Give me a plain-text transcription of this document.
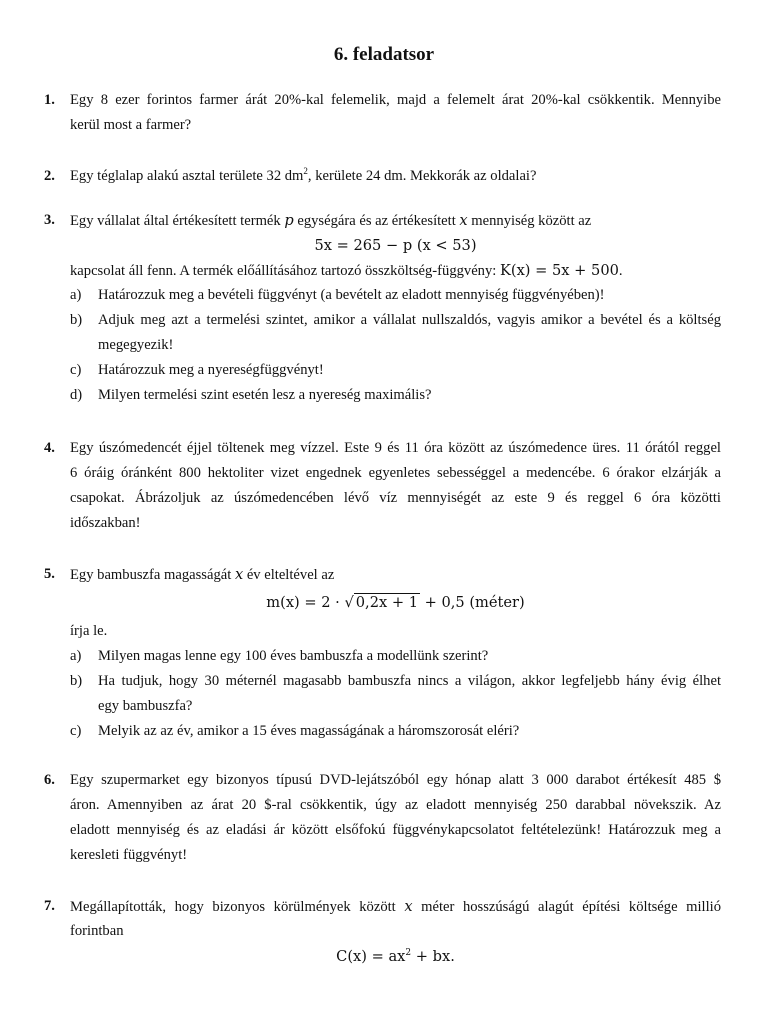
6. feladatsor
1.	Egy 8 ezer forintos farmer árát 20%-kal felemelik, majd a felemelt árat 20%-kal csökkentik. Mennyibe
kerül most a farmer?
2.	Egy téglalap alakú asztal területe 32 $dm^2$, kerülete 24 dm. Mekkorák az oldalai?
3.	Egy vállalat által értékesített termék p egységára és az értékesített x mennyiség között az
5x = 265 − p (x < 53)
kapcsolat áll fenn. A termék előállításához tartozó összköltség-függvény: K(x) = 5x + 500.
a) Határozzuk meg a bevételi függvényt (a bevételt az eladott mennyiség függvényében)!
b) Adjuk meg azt a termelési szintet, amikor a vállalat nullszaldós, vagyis amikor a bevétel és a költség
megegyezik!
c) Határozzuk meg a nyereségfüggvényt!
d) Milyen termelési szint esetén lesz a nyereség maximális?
4.	Egy úszómedencét éjjel töltenek meg vízzel. Este 9 és 11 óra között az úszómedence üres. 11 órától reggel
6 óráig óránként 800 hektoliter vizet engednek egyenletes sebességgel a medencébe. 6 órakor elzárják a
csapokat. Ábrázoljuk az úszómedencében lévő víz mennyiségét az este 9 és reggel 6 óra közötti
időszakban!
5.	Egy bambuszfa magasságát x év elteltével az
m(x) = 2 · √ 0,2x + 1 + 0,5 (méter)
írja le.
a) Milyen magas lenne egy 100 éves bambuszfa a modellünk szerint?
b) Ha tudjuk, hogy 30 méternél magasabb bambuszfa nincs a világon, akkor legfeljebb hány évig élhet
egy bambuszfa?
c) Melyik az az év, amikor a 15 éves magasságának a háromszorosát eléri?
6.	Egy szupermarket egy bizonyos típusú DVD-lejátszóból egy hónap alatt 3 000 darabot értékesít 485 $
áron. Amennyiben az árat 20 $-ral csökkentik, úgy az eladott mennyiség 250 darabbal növekszik. Az
eladott mennyiség és az eladási ár között elsőfokú függvénykapcsolatot feltételezünk! Határozzuk meg a
keresleti függvényt!
7.	Megállapították, hogy bizonyos körülmények között x méter hosszúságú alagút építési költsége millió
forintban
$C(x) = ax^2$ + bx.
